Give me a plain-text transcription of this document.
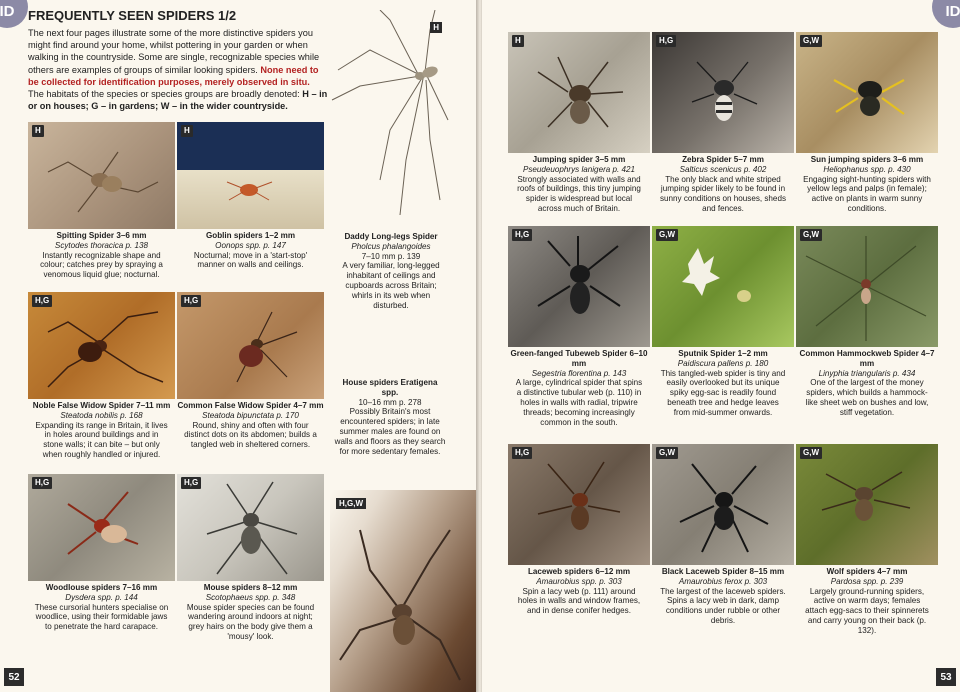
ID	FREQUENTLY SEEN SPIDERS 1/2
The next four pages illustrate some of the more distinctive spiders you might find around your home, whilst pottering in your garden or when walking in the countryside. Some are single, recognizable species while others are examples of groups of similar looking spiders. None need to be collected for identification purposes, merely observed in situ. The habitats of the species or species groups are broadly denoted: H – in or on houses; G – in gardens; W – in the wider countryside.
H
Daddy Long-legs Spider
Pholcus phalangoides
7–10 mm p. 139
A very familiar, long-legged inhabitant of ceilings and cupboards across Britain; whirls in its web when disturbed.
House spiders Eratigena spp.
10–16 mm p. 278
Possibly Britain's most encountered spiders; in late summer males are found on walls and floors as they search for more sedentary females.
H,G,W
H
Spitting Spider 3–6 mm
Scytodes thoracica p. 138
Instantly recognizable shape and colour; catches prey by spraying a venomous liquid glue; nocturnal.
H
Goblin spiders 1–2 mm
Oonops spp. p. 147
Nocturnal; move in a 'start-stop' manner on walls and ceilings.
H,G
Noble False Widow Spider 7–11 mm
Steatoda nobilis p. 168
Expanding its range in Britain, it lives in holes around buildings and in stone walls; it can bite – but only when roughly handled or injured.
H,G
Common False Widow Spider 4–7 mm
Steatoda bipunctata p. 170
Round, shiny and often with four distinct dots on its abdomen; builds a tangled web in sheltered corners.
H,G
Woodlouse spiders 7–16 mm
Dysdera spp. p. 144
These cursorial hunters specialise on woodlice, using their formidable jaws to penetrate the hard carapace.
H,G
Mouse spiders 8–12 mm
Scotophaeus spp. p. 348
Mouse spider species can be found wandering around indoors at night; grey hairs on the body give them a 'mousy' look.
52
ID
H
Jumping spider 3–5 mm
Pseudeuophrys lanigera p. 421
Strongly associated with walls and roofs of buildings, this tiny jumping spider is widespread but local across much of Britain.
H,G
Zebra Spider 5–7 mm
Salticus scenicus p. 402
The only black and white striped jumping spider likely to be found in sunny conditions on houses, sheds and fences.
G,W
Sun jumping spiders 3–6 mm
Heliophanus spp. p. 430
Engaging sight-hunting spiders with yellow legs and palps (in female); active on plants in warm sunny conditions.
H,G
Green-fanged Tubeweb Spider 6–10 mm
Segestria florentina p. 143
A large, cylindrical spider that spins a distinctive tubular web (p. 110) in holes in walls with radial, tripwire threads; becoming increasingly common in the south.
G,W
Sputnik Spider 1–2 mm
Paidiscura pallens p. 180
This tangled-web spider is tiny and easily overlooked but its unique spiky egg-sac is readily found beneath tree and hedge leaves from mid-summer onwards.
G,W
Common Hammockweb Spider 4–7 mm
Linyphia triangularis p. 434
One of the largest of the money spiders, which builds a hammock-like sheet web on bushes and low, stiff vegetation.
H,G
Laceweb spiders 6–12 mm
Amaurobius spp. p. 303
Spin a lacy web (p. 111) around holes in walls and window frames, and in dense conifer hedges.
G,W
Black Laceweb Spider 8–15 mm
Amaurobius ferox p. 303
The largest of the laceweb spiders. Spins a lacy web in dark, damp conditions under rubble or other debris.
G,W
Wolf spiders 4–7 mm
Pardosa spp. p. 239
Largely ground-running spiders, active on warm days; females attach egg-sacs to their spinnerets and carry young on their back (p. 132).
53
